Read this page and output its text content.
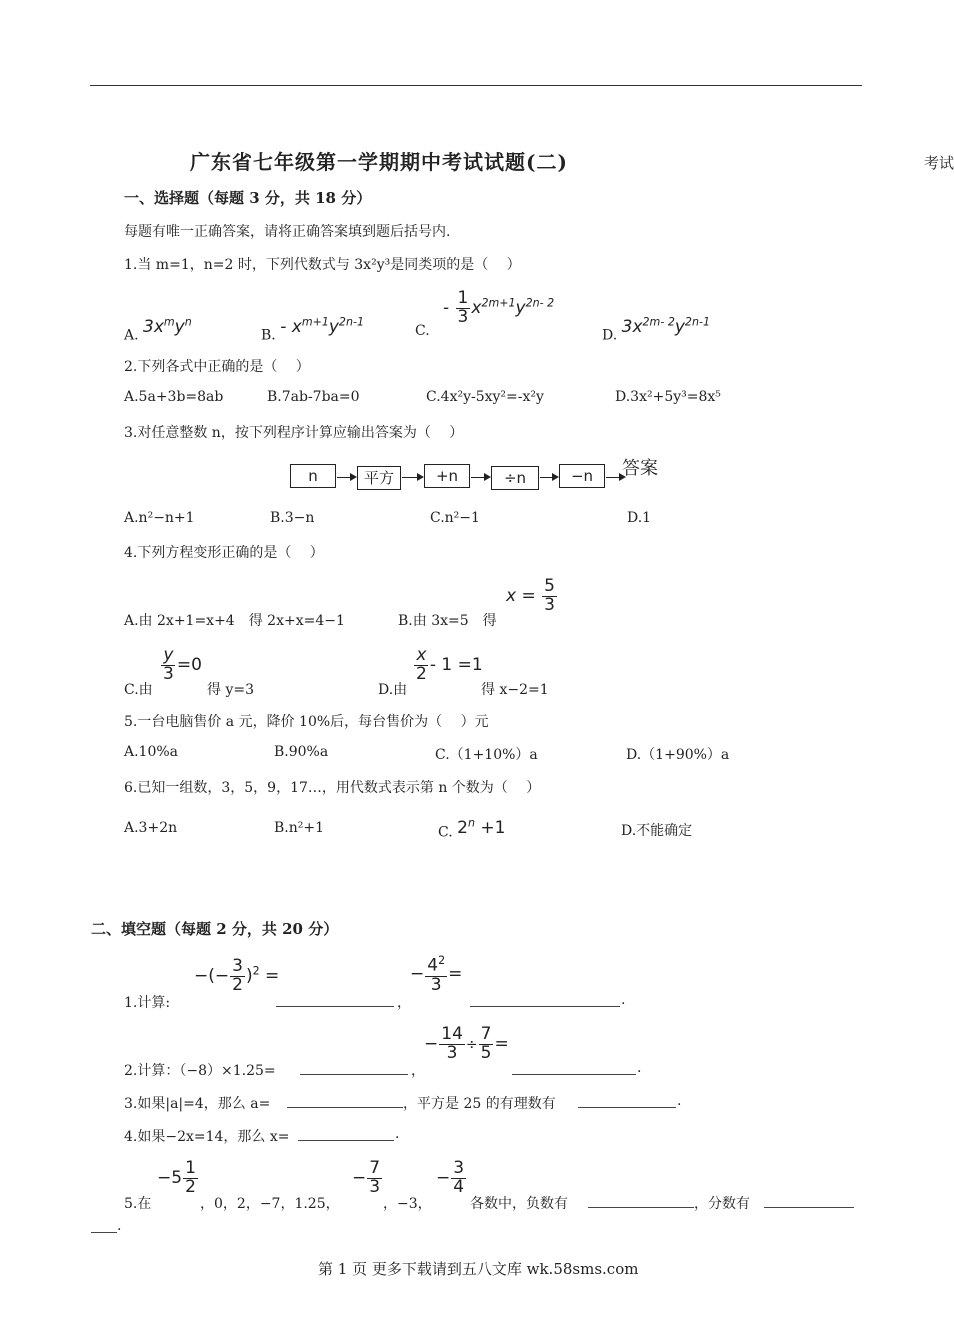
广东省七年级第一学期期中考试试题(二)	考试
一、选择题（每题 3 分，共 18 分）
每题有唯一正确答案，请将正确答案填到题后括号内.
1.当 m=1，n=2 时，下列代数式与 3x²y³是同类项的是（　 ）
A. $3x^my^n$
B. - $x^{m+1}y^{2n-1}$
C.
- $\frac{1}{3} x^{2m+1}y^{2n- 2}$
D. $3x^{2m- 2}y^{2n-1}$
2.下列各式中正确的是（　 ）
A.5a+3b=8ab	B.7ab-7ba=0	C.4x²y-5xy²=-x²y	D.3x²+5y³=8x⁵
3.对任意整数 n，按下列程序计算应输出答案为（　 ）
n	平方	+n	÷n	−n	答案
A.n²−n+1	B.3−n	C.n²−1	D.1
4.下列方程变形正确的是（　 ）
A.由 2x+1=x+4　得 2x+x=4−1	B.由 3x=5　得
$x = \frac{5}{3}$
C.由
$\frac{y}{3} =0$
得 y=3	D.由
$\frac{x}{2} - 1 =1$
得 x−2=1
5.一台电脑售价 a 元，降价 10%后，每台售价为（　 ）元
A.10%a	B.90%a	C.（1+10%）a	D.（1+90%）a
6.已知一组数，3，5，9，17…，用代数式表示第 n 个数为（　 ）
A.3+2n	B.n²+1	C. $2^n +1$	D.不能确定
二、填空题（每题 2 分，共 20 分）
1.计算:
−(− $\frac{3}{2} )^2$ =
，
− $\frac{4^2}{3}$ =
.
2.计算：（−8）×1.25=	，
− $\frac{14}{3} \div \frac{7}{5}$ =
.
3.如果|a|=4，那么 a=	，平方是 25 的有理数有	.
4.如果−2x=14，那么 x=	.
5.在
$-5 \frac{1}{2}$
，0，2，−7，1.25，
− $\frac{7}{3}$
，−3，
− $\frac{3}{4}$
各数中，负数有	，分数有
.
第 1 页 更多下载请到五八文库 wk.58sms.com
